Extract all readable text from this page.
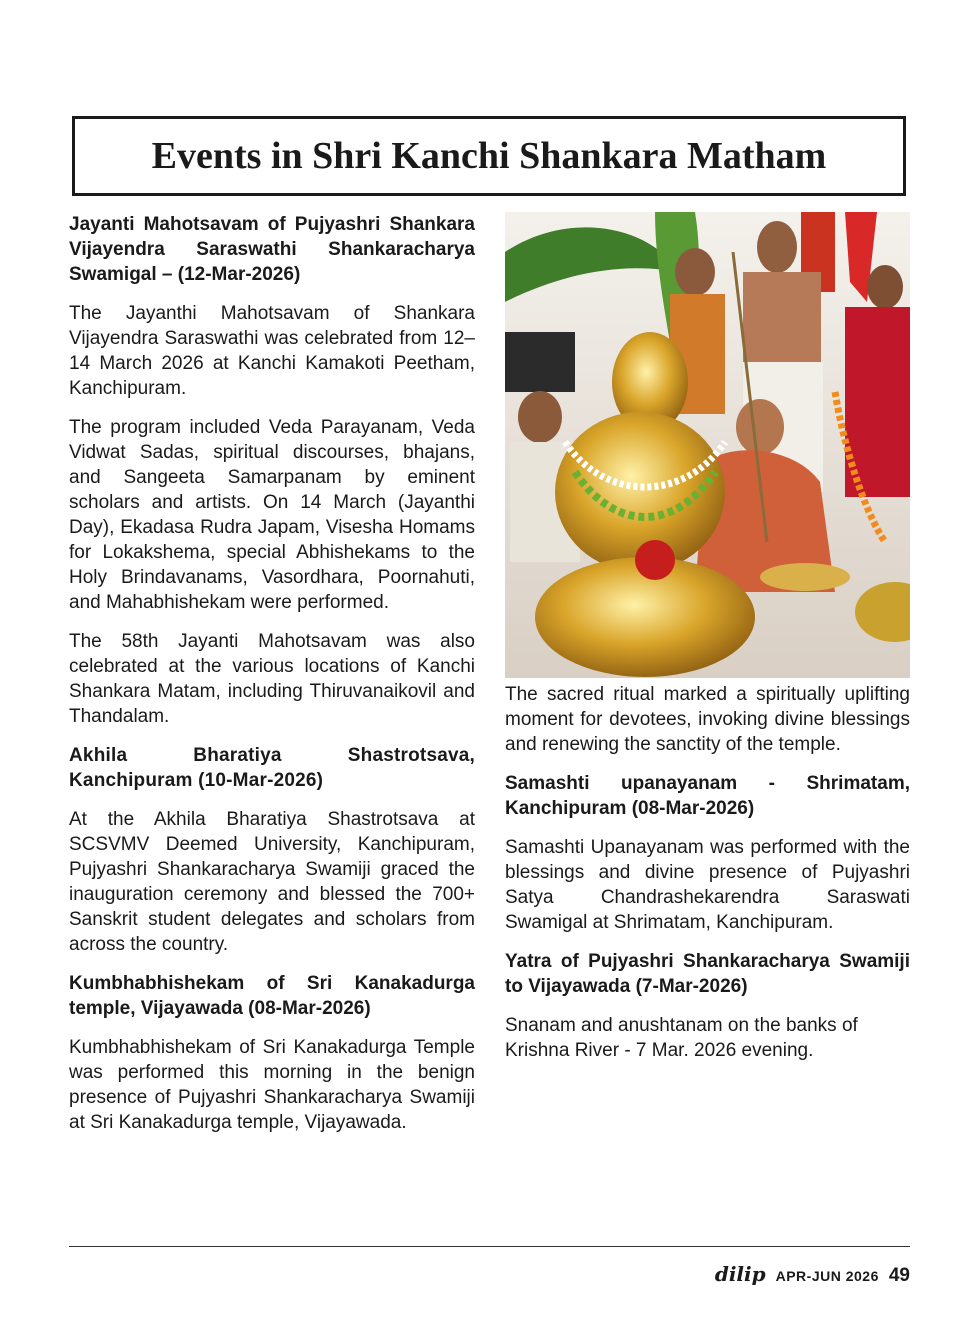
Events in Shri Kanchi Shankara Matham
Jayanti Mahotsavam of Pujyashri Shankara Vijayendra Saraswathi Shankaracharya Swamigal – (12-Mar-2026)

The Jayanthi Mahotsavam of Shankara Vijayendra Saraswathi was celebrated from 12–14 March 2026 at Kanchi Kamakoti Peetham, Kanchipuram.

The program included Veda Parayanam, Veda Vidwat Sadas, spiritual discourses, bhajans, and Sangeeta Samarpanam by eminent scholars and artists. On 14 March (Jayanthi Day), Ekadasa Rudra Japam, Visesha Homams for Lokakshema, special Abhishekams to the Holy Brindavanams, Vasordhara, Poornahuti, and Mahabhishekam were performed.

The 58th Jayanti Mahotsavam was also celebrated at the various locations of Kanchi Shankara Matam, including Thiruvanaikovil and Thandalam.

Akhila Bharatiya Shastrotsava, Kanchipuram (10-Mar-2026)

At the Akhila Bharatiya Shastrotsava at SCSVMV Deemed University, Kanchipuram, Pujyashri Shankaracharya Swamiji graced the inauguration ceremony and blessed the 700+ Sanskrit student delegates and scholars from across the country.

Kumbhabhishekam of Sri Kanakadurga temple, Vijayawada (08-Mar-2026)

Kumbhabhishekam of Sri Kanakadurga Temple was performed this morning in the benign presence of Pujyashri Shankaracharya Swamiji at Sri Kanakadurga temple, Vijayawada.

The sacred ritual marked a spiritually uplifting moment for devotees, invoking divine blessings and renewing the sanctity of the temple.

Samashti upanayanam - Shrimatam, Kanchipuram (08-Mar-2026)

Samashti Upanayanam was performed with the blessings and divine presence of Pujyashri Satya Chandrashekarendra Saraswati Swamigal at Shrimatam, Kanchipuram.

Yatra of Pujyashri Shankaracharya Swamiji to Vijayawada (7-Mar-2026)

Snanam and anushtanam on the banks of Krishna River - 7 Mar. 2026 evening.

dilip APR-JUN 2026 49
